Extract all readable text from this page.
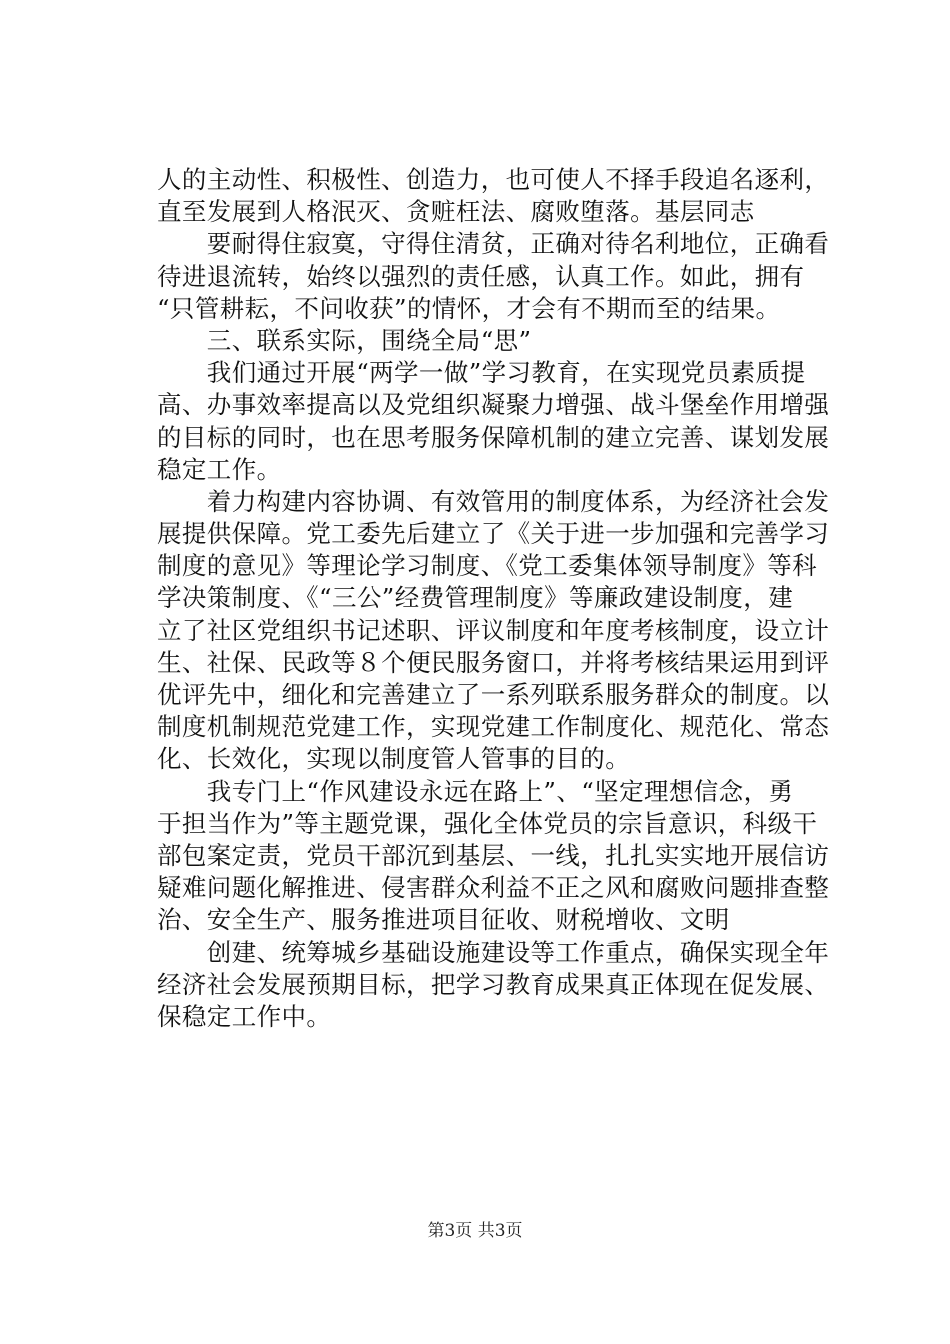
人的主动性、积极性、创造力，也可使人不择手段追名逐利，
直至发展到人格泯灭、贪赃枉法、腐败堕落。基层同志
　　要耐得住寂寞，守得住清贫，正确对待名利地位，正确看
待进退流转，始终以强烈的责任感，认真工作。如此，拥有
“只管耕耘，不问收获”的情怀，才会有不期而至的结果。
　　三、联系实际，围绕全局“思”
　　我们通过开展“两学一做”学习教育，在实现党员素质提
高、办事效率提高以及党组织凝聚力增强、战斗堡垒作用增强
的目标的同时，也在思考服务保障机制的建立完善、谋划发展
稳定工作。
　　着力构建内容协调、有效管用的制度体系，为经济社会发
展提供保障。党工委先后建立了《关于进一步加强和完善学习
制度的意见》等理论学习制度、《党工委集体领导制度》等科
学决策制度、《“三公”经费管理制度》等廉政建设制度，建
立了社区党组织书记述职、评议制度和年度考核制度，设立计
生、社保、民政等８个便民服务窗口，并将考核结果运用到评
优评先中，细化和完善建立了一系列联系服务群众的制度。以
制度机制规范党建工作，实现党建工作制度化、规范化、常态
化、长效化，实现以制度管人管事的目的。
　　我专门上“作风建设永远在路上”、“坚定理想信念，勇
于担当作为”等主题党课，强化全体党员的宗旨意识，科级干
部包案定责，党员干部沉到基层、一线，扎扎实实地开展信访
疑难问题化解推进、侵害群众利益不正之风和腐败问题排查整
治、安全生产、服务推进项目征收、财税增收、文明
　　创建、统筹城乡基础设施建设等工作重点，确保实现全年
经济社会发展预期目标，把学习教育成果真正体现在促发展、
保稳定工作中。
第3页 共3页
